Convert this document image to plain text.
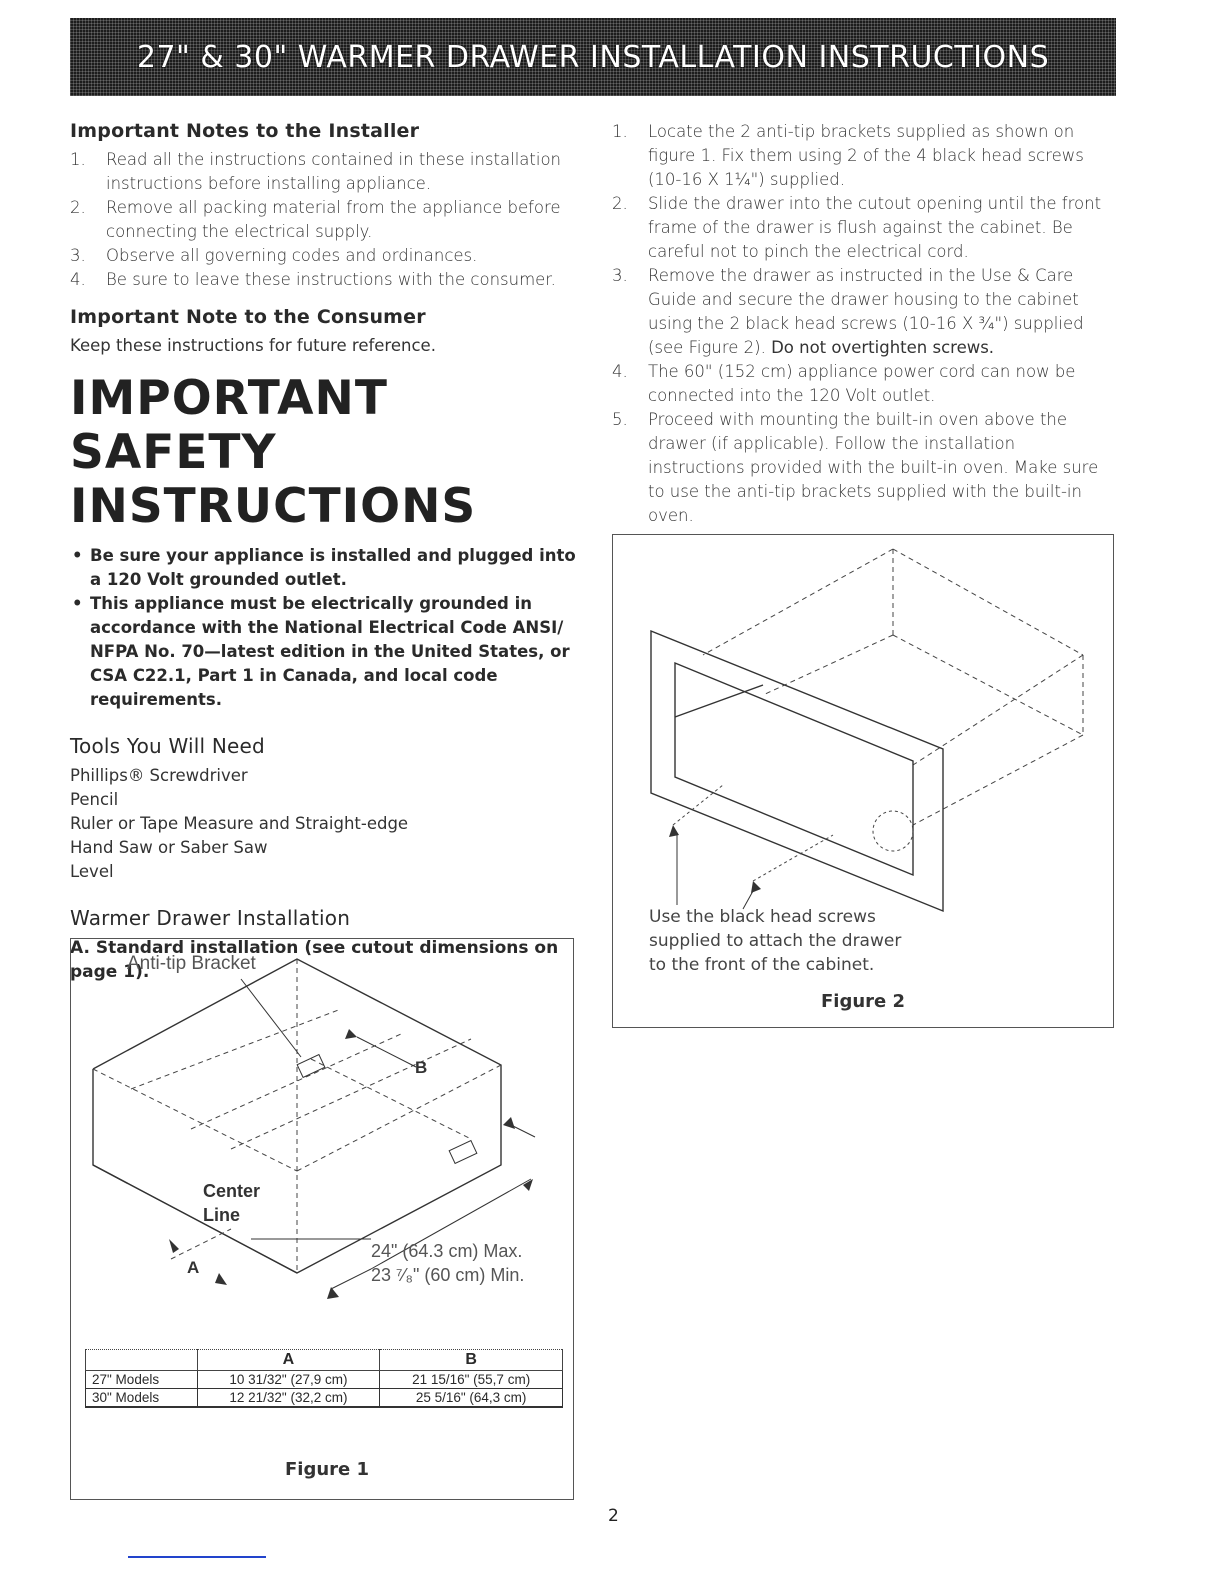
27" & 30" WARMER DRAWER INSTALLATION INSTRUCTIONS
Important Notes to the Installer
1. Read all the instructions contained in these installation instructions before installing appliance.
2. Remove all packing material from the appliance before connecting the electrical supply.
3. Observe all governing codes and ordinances.
4. Be sure to leave these instructions with the consumer.
Important Note to the Consumer

Keep these instructions for future reference.

IMPORTANT SAFETY
INSTRUCTIONS
• Be sure your appliance is installed and plugged into a 120 Volt grounded outlet.
• This appliance must be electrically grounded in accordance with the National Electrical Code ANSI/ NFPA No. 70—latest edition in the United States, or CSA C22.1, Part 1 in Canada, and local code requirements.
Tools You Will Need

Phillips® Screwdriver

Pencil

Ruler or Tape Measure and Straight-edge

Hand Saw or Saber Saw

Level

Warmer Drawer Installation

A. Standard installation (see cutout dimensions on page 1).

Anti-tip Bracket
B
Center
Line
A
24" (64.3 cm) Max.
23 ⁷⁄₈" (60 cm) Min.
	A	B
27" Models	10 31/32" (27,9 cm)	21 15/16" (55,7 cm)
30" Models	12 21/32" (32,2 cm)	25 5/16" (64,3 cm)
Figure 1
1. Locate the 2 anti-tip brackets supplied as shown on figure 1. Fix them using 2 of the 4 black head screws (10-16 X 1¼") supplied.
2. Slide the drawer into the cutout opening until the front frame of the drawer is flush against the cabinet. Be careful not to pinch the electrical cord.
3. Remove the drawer as instructed in the Use & Care Guide and secure the drawer housing to the cabinet using the 2 black head screws (10-16 X ¾") supplied (see Figure 2). Do not overtighten screws.
4. The 60" (152 cm) appliance power cord can now be connected into the 120 Volt outlet.
5. Proceed with mounting the built-in oven above the drawer (if applicable). Follow the installation instructions provided with the built-in oven. Make sure to use the anti-tip brackets supplied with the built-in oven.
Use the black head screws
supplied to attach the drawer
to the front of the cabinet.
Figure 2
2
